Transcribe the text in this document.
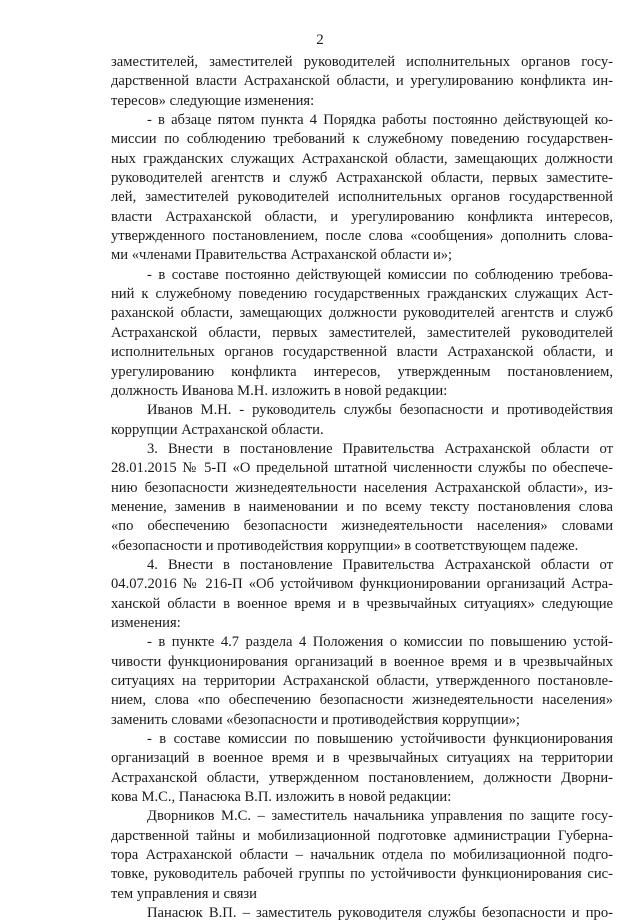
2
заместителей, заместителей руководителей исполнительных органов госу-
дарственной власти Астраханской области, и урегулированию конфликта ин-
тересов» следующие изменения:
- в абзаце пятом пункта 4 Порядка работы постоянно действующей ко-
миссии по соблюдению требований к служебному поведению государствен-
ных гражданских служащих Астраханской области, замещающих должности
руководителей агентств и служб Астраханской области, первых заместите-
лей, заместителей руководителей исполнительных органов государственной
власти Астраханской области, и урегулированию конфликта интересов,
утвержденного постановлением, после слова «сообщения» дополнить слова-
ми «членами Правительства Астраханской области и»;
- в составе постоянно действующей комиссии по соблюдению требова-
ний к служебному поведению государственных гражданских служащих Аст-
раханской области, замещающих должности руководителей агентств и служб
Астраханской области, первых заместителей, заместителей руководителей
исполнительных органов государственной власти Астраханской области, и
урегулированию конфликта интересов, утвержденным постановлением,
должность Иванова М.Н. изложить в новой редакции:
Иванов М.Н. - руководитель службы безопасности и противодействия
коррупции Астраханской области.
3. Внести в постановление Правительства Астраханской области от
28.01.2015 № 5-П «О предельной штатной численности службы по обеспече-
нию безопасности жизнедеятельности населения Астраханской области», из-
менение, заменив в наименовании и по всему тексту постановления слова
«по обеспечению безопасности жизнедеятельности населения» словами
«безопасности и противодействия коррупции» в соответствующем падеже.
4. Внести в постановление Правительства Астраханской области от
04.07.2016 № 216-П «Об устойчивом функционировании организаций Астра-
ханской области в военное время и в чрезвычайных ситуациях» следующие
изменения:
- в пункте 4.7 раздела 4 Положения о комиссии по повышению устой-
чивости функционирования организаций в военное время и в чрезвычайных
ситуациях на территории Астраханской области, утвержденного постановле-
нием, слова «по обеспечению безопасности жизнедеятельности населения»
заменить словами «безопасности и противодействия коррупции»;
- в составе комиссии по повышению устойчивости функционирования
организаций в военное время и в чрезвычайных ситуациях на территории
Астраханской области, утвержденном постановлением, должности Дворни-
кова М.С., Панасюка В.П. изложить в новой редакции:
Дворников М.С. – заместитель начальника управления по защите госу-
дарственной тайны и мобилизационной подготовке администрации Губерна-
тора Астраханской области – начальник отдела по мобилизационной подго-
товке, руководитель рабочей группы по устойчивости функционирования сис-
тем управления и связи
Панасюк В.П. – заместитель руководителя службы безопасности и про-
